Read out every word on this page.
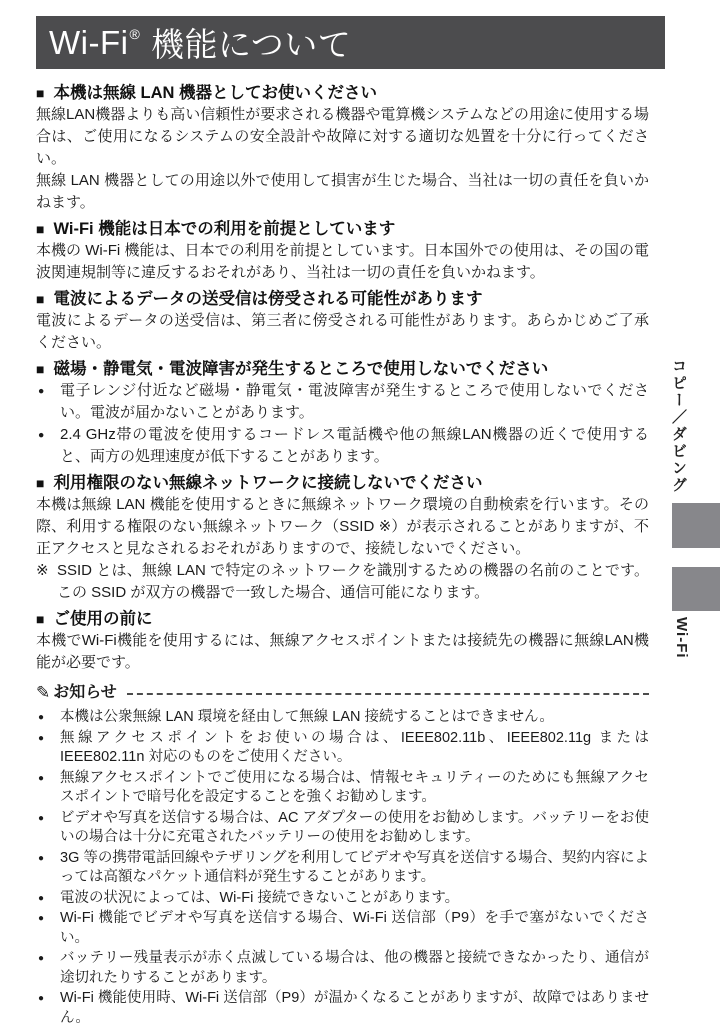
Wi-Fi ® 機能について
■ 本機は無線 LAN 機器としてお使いください

無線LAN機器よりも高い信頼性が要求される機器や電算機システムなどの用途に使用する場合は、ご使用になるシステムの安全設計や故障に対する適切な処置を十分に行ってください。

無線 LAN 機器としての用途以外で使用して損害が生じた場合、当社は一切の責任を負いかねます。

■ Wi-Fi 機能は日本での利用を前提としています

本機の Wi-Fi 機能は、日本での利用を前提としています。日本国外での使用は、その国の電波関連規制等に違反するおそれがあり、当社は一切の責任を負いかねます。

■ 電波によるデータの送受信は傍受される可能性があります

電波によるデータの送受信は、第三者に傍受される可能性があります。あらかじめご了承ください。

■ 磁場・静電気・電波障害が発生するところで使用しないでください
●	電子レンジ付近など磁場・静電気・電波障害が発生するところで使用しないでください。電波が届かないことがあります。
●	2.4 GHz帯の電波を使用するコードレス電話機や他の無線LAN機器の近くで使用すると、両方の処理速度が低下することがあります。
■ 利用権限のない無線ネットワークに接続しないでください

本機は無線 LAN 機能を使用するときに無線ネットワーク環境の自動検索を行います。その際、利用する権限のない無線ネットワーク（SSID ※）が表示されることがありますが、不正アクセスと見なされるおそれがありますので、接続しないでください。

※ SSID とは、無線 LAN で特定のネットワークを識別するための機器の名前のことです。この SSID が双方の機器で一致した場合、通信可能になります。
■ ご使用の前に

本機でWi-Fi機能を使用するには、無線アクセスポイントまたは接続先の機器に無線LAN機能が必要です。

✎ お知らせ
●	本機は公衆無線 LAN 環境を経由して無線 LAN 接続することはできません。
●	無線アクセスポイントをお使いの場合は、IEEE802.11b、IEEE802.11g または IEEE802.11n 対応のものをご使用ください。
●	無線アクセスポイントでご使用になる場合は、情報セキュリティーのためにも無線アクセスポイントで暗号化を設定することを強くお勧めします。
●	ビデオや写真を送信する場合は、AC アダプターの使用をお勧めします。バッテリーをお使いの場合は十分に充電されたバッテリーの使用をお勧めします。
●	3G 等の携帯電話回線やテザリングを利用してビデオや写真を送信する場合、契約内容によっては高額なパケット通信料が発生することがあります。
●	電波の状況によっては、Wi-Fi 接続できないことがあります。
●	Wi-Fi 機能でビデオや写真を送信する場合、Wi-Fi 送信部（P9）を手で塞がないでください。
●	バッテリー残量表示が赤く点滅している場合は、他の機器と接続できなかったり、通信が途切れたりすることがあります。
●	Wi-Fi 機能使用時、Wi-Fi 送信部（P9）が温かくなることがありますが、故障ではありません。
コピー／ダビング
Wi-Fi
